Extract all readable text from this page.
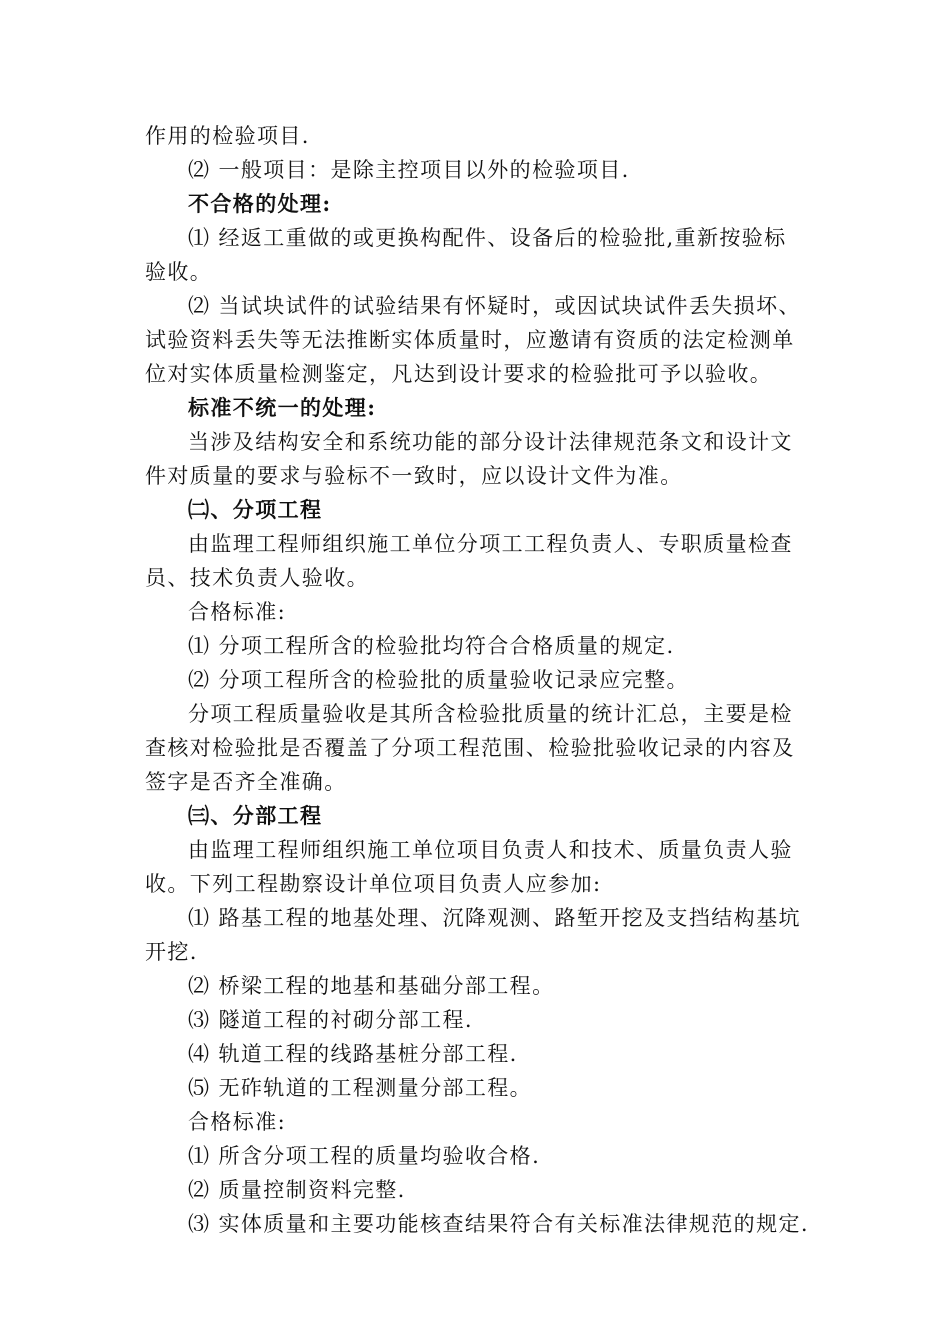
作用的检验项目.
⑵ 一般项目：是除主控项目以外的检验项目.
不合格的处理:
⑴ 经返工重做的或更换构配件、设备后的检验批,重新按验标
验收。
⑵ 当试块试件的试验结果有怀疑时，或因试块试件丢失损坏、
试验资料丢失等无法推断实体质量时，应邀请有资质的法定检测单
位对实体质量检测鉴定，凡达到设计要求的检验批可予以验收。
标准不统一的处理:
当涉及结构安全和系统功能的部分设计法律规范条文和设计文
件对质量的要求与验标不一致时，应以设计文件为准。
㈡、分项工程
由监理工程师组织施工单位分项工工程负责人、专职质量检查
员、技术负责人验收。
合格标准:
⑴ 分项工程所含的检验批均符合合格质量的规定.
⑵ 分项工程所含的检验批的质量验收记录应完整。
分项工程质量验收是其所含检验批质量的统计汇总，主要是检
查核对检验批是否覆盖了分项工程范围、检验批验收记录的内容及
签字是否齐全准确。
㈢、分部工程
由监理工程师组织施工单位项目负责人和技术、质量负责人验
收。下列工程勘察设计单位项目负责人应参加:
⑴ 路基工程的地基处理、沉降观测、路堑开挖及支挡结构基坑
开挖.
⑵ 桥梁工程的地基和基础分部工程。
⑶ 隧道工程的衬砌分部工程.
⑷ 轨道工程的线路基桩分部工程.
⑸ 无砟轨道的工程测量分部工程。
合格标准:
⑴ 所含分项工程的质量均验收合格.
⑵ 质量控制资料完整.
⑶ 实体质量和主要功能核查结果符合有关标准法律规范的规定.
